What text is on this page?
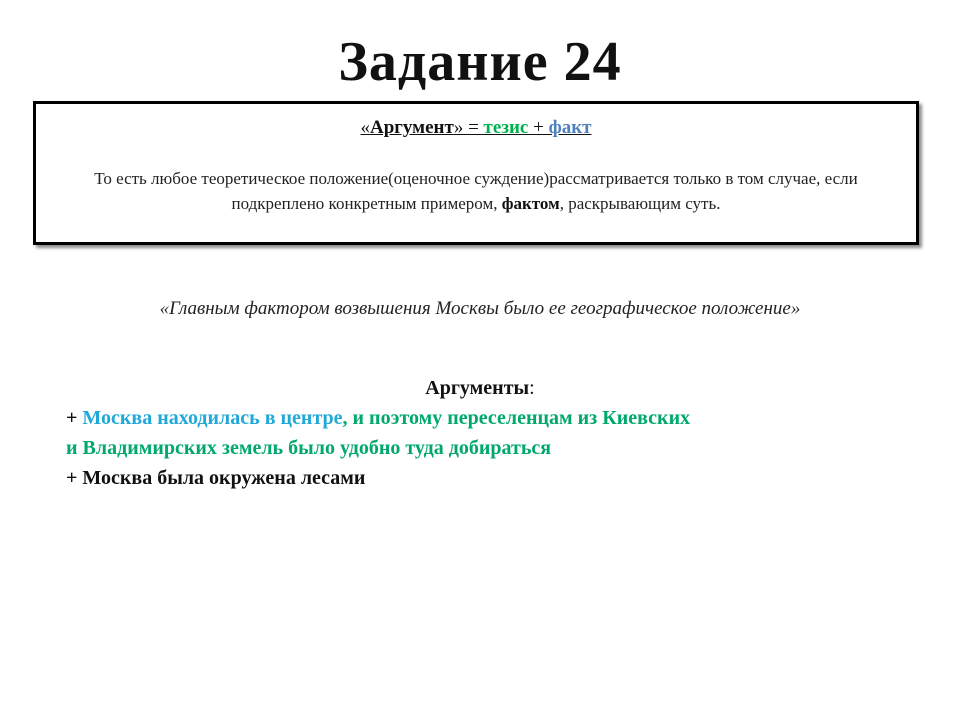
Задание 24
«Аргумент» = тезис + факт
То есть любое теоретическое положение(оценочное суждение)рассматривается только в том случае, если подкреплено конкретным примером, фактом, раскрывающим суть.
«Главным фактором возвышения Москвы было ее географическое положение»
Аргументы:
+ Москва находилась в центре, и поэтому переселенцам из Киевских
и Владимирских земель было удобно туда добираться
+ Москва была окружена лесами
